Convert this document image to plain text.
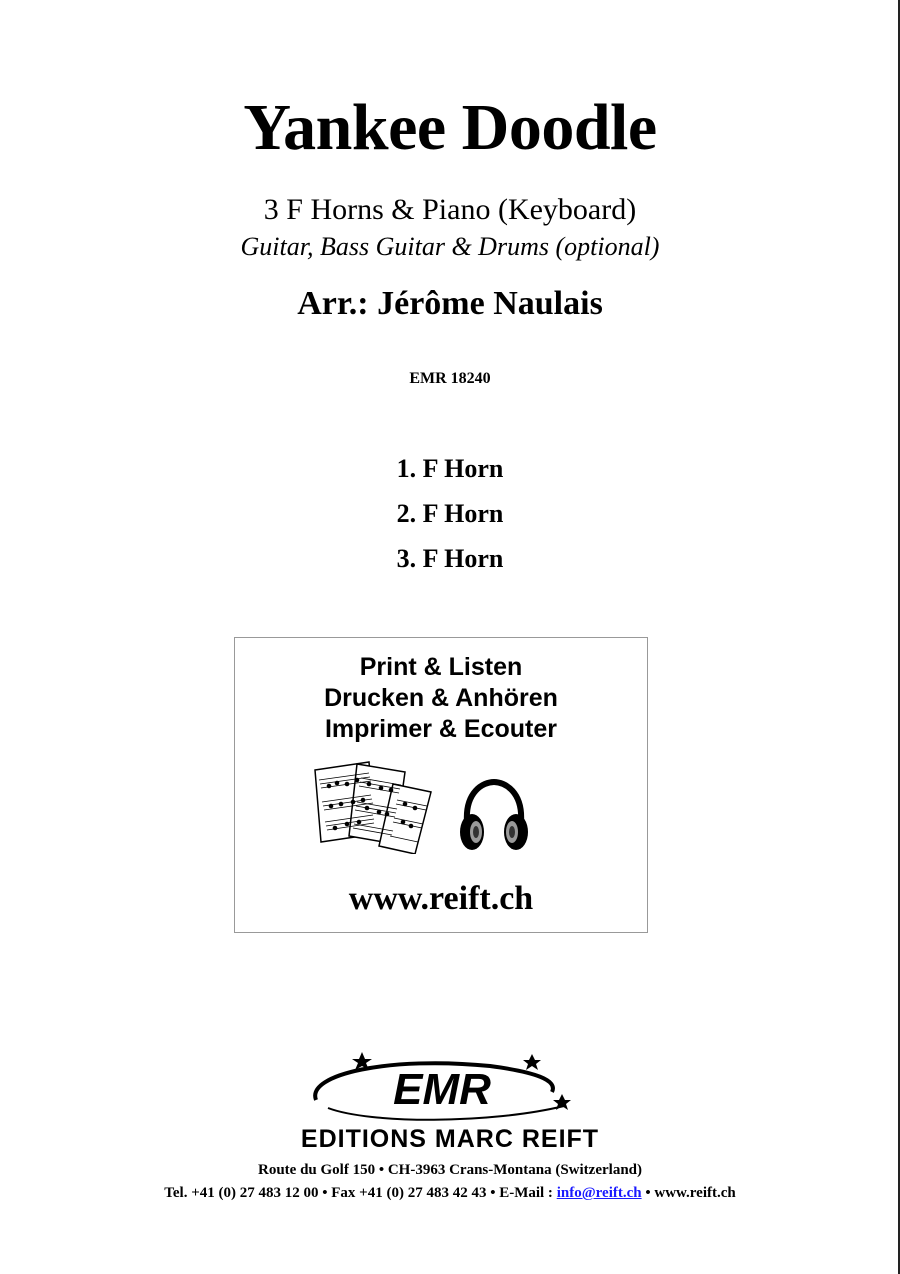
Yankee Doodle
3 F Horns & Piano (Keyboard)
Guitar, Bass Guitar & Drums (optional)
Arr.: Jérôme Naulais
EMR 18240
1. F Horn
2. F Horn
3. F Horn
Print & Listen
Drucken & Anhören
Imprimer & Ecouter
www.reift.ch
EMR
EDITIONS MARC REIFT
Route du Golf 150 • CH-3963 Crans-Montana (Switzerland)
Tel. +41 (0) 27 483 12 00 • Fax +41 (0) 27 483 42 43 • E-Mail : info@reift.ch • www.reift.ch
